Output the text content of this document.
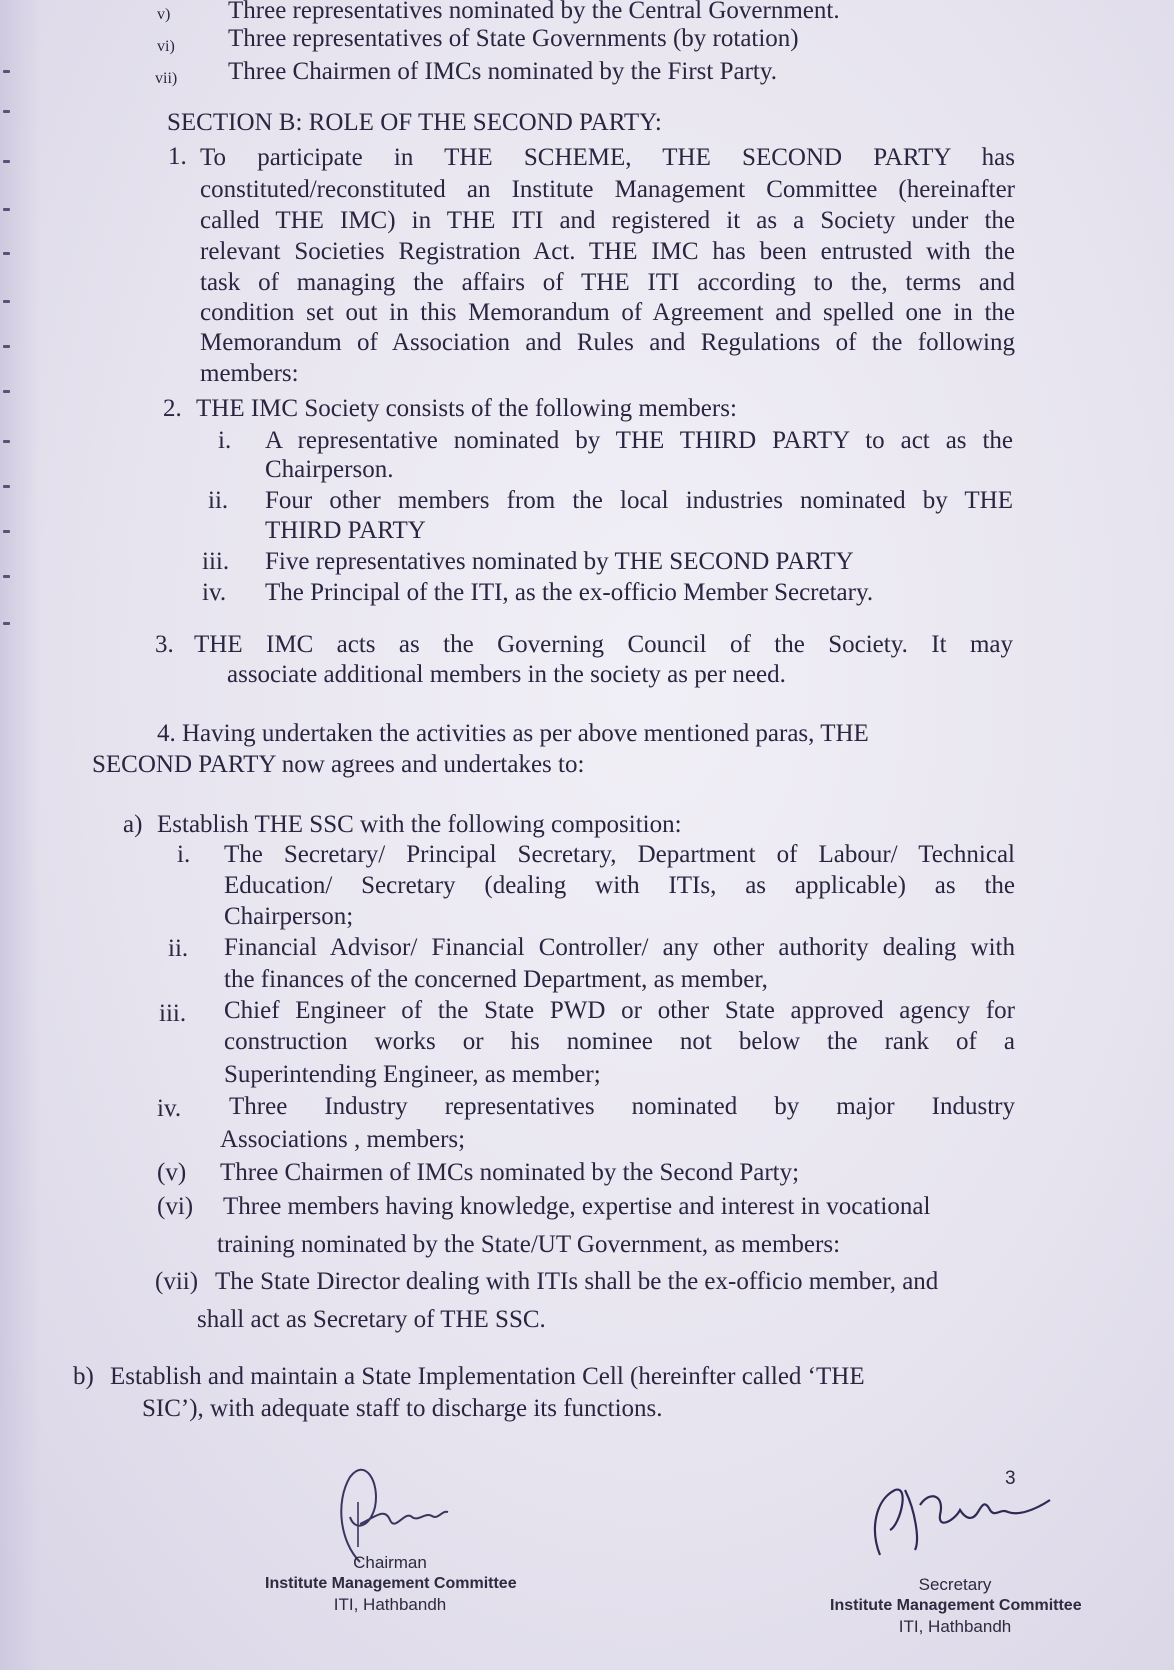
v) Three representatives nominated by the Central Government.
vi) Three representatives of State Governments (by rotation)
vii) Three Chairmen of IMCs nominated by the First Party.
SECTION B: ROLE OF THE SECOND PARTY:
1. To participate in THE SCHEME, THE SECOND PARTY has
constituted/reconstituted an Institute Management Committee (hereinafter
called THE IMC) in THE ITI and registered it as a Society under the
relevant Societies Registration Act. THE IMC has been entrusted with the
task of managing the affairs of THE ITI according to the, terms and
condition set out in this Memorandum of Agreement and spelled one in the
Memorandum of Association and Rules and Regulations of the following
members:
2. THE IMC Society consists of the following members:
i. A representative nominated by THE THIRD PARTY to act as the
Chairperson.
ii. Four other members from the local industries nominated by THE
THIRD PARTY
iii. Five representatives nominated by THE SECOND PARTY
iv. The Principal of the ITI, as the ex-officio Member Secretary.
3. THE IMC acts as the Governing Council of the Society. It may
associate additional members in the society as per need.
4. Having undertaken the activities as per above mentioned paras, THE
SECOND PARTY now agrees and undertakes to:
a) Establish THE SSC with the following composition:
i. The Secretary/ Principal Secretary, Department of Labour/ Technical
Education/ Secretary (dealing with ITIs, as applicable) as the
Chairperson;
ii. Financial Advisor/ Financial Controller/ any other authority dealing with
the finances of the concerned Department, as member,
iii. Chief Engineer of the State PWD or other State approved agency for
construction works or his nominee not below the rank of a
Superintending Engineer, as member;
iv. Three Industry representatives nominated by major Industry
Associations , members;
(v) Three Chairmen of IMCs nominated by the Second Party;
(vi) Three members having knowledge, expertise and interest in vocational
training nominated by the State/UT Government, as members:
(vii) The State Director dealing with ITIs shall be the ex-officio member, and
shall act as Secretary of THE SSC.
b) Establish and maintain a State Implementation Cell (hereinfter called ‘THE
SIC’), with adequate staff to discharge its functions.
3
Chairman
Institute Management Committee
ITI, Hathbandh
Secretary
Institute Management Committee
ITI, Hathbandh
